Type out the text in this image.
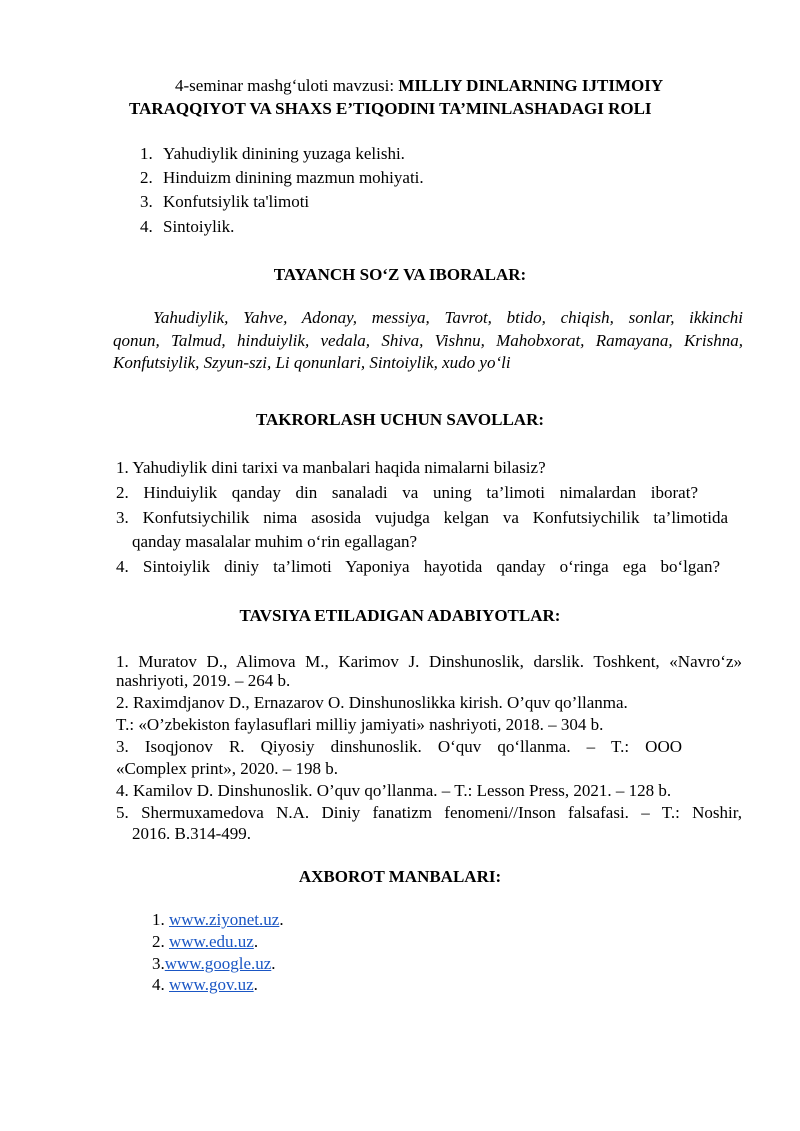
4-seminar mashg‘uloti mavzusi: MILLIY DINLARNING IJTIMOIY
TARAQQIYOT VA SHAXS E’TIQODINI TA’MINLASHADAGI ROLI
1. Yahudiylik dinining yuzaga kelishi.
2. Hinduizm dinining mazmun mohiyati.
3. Konfutsiylik ta'limoti
4. Sintoiylik.
TAYANCH SO‘Z VA IBORALAR:
Yahudiylik, Yahve, Adonay, messiya, Tavrot, btido, chiqish, sonlar, ikkinchi
qonun, Talmud, hinduiylik, vedala, Shiva, Vishnu, Mahobxorat, Ramayana, Krishna,
Konfutsiylik, Szyun-szi, Li qonunlari, Sintoiylik, xudo yo‘li
TAKRORLASH UCHUN SAVOLLAR:
1. Yahudiylik dini tarixi va manbalari haqida nimalarni bilasiz?
2. Hinduiylik qanday din sanaladi va uning ta’limoti nimalardan iborat?
3. Konfutsiychilik nima asosida vujudga kelgan va Konfutsiychilik ta’limotida
qanday masalalar muhim o‘rin egallagan?
4. Sintoiylik diniy ta’limoti Yaponiya hayotida qanday o‘ringa ega bo‘lgan?
TAVSIYA ETILADIGAN ADABIYOTLAR:
1. Muratov D., Alimova M., Karimov J. Dinshunoslik, darslik. Toshkent, «Navro‘z»
nashriyoti, 2019. – 264 b.
2. Raximdjanov D., Ernazarov O. Dinshunoslikka kirish. O’quv qo’llanma.
T.: «O’zbekiston faylasuflari milliy jamiyati» nashriyoti, 2018. – 304 b.
3. Isoqjonov R. Qiyosiy dinshunoslik. O‘quv qo‘llanma. – T.: OOO
«Complex print», 2020. – 198 b.
4. Kamilov D. Dinshunoslik. O’quv qo’llanma. – T.: Lesson Press, 2021. – 128 b.
5. Shermuxamedova N.A. Diniy fanatizm fenomeni//Inson falsafasi. – T.: Noshir,
2016. B.314-499.
AXBOROT MANBALARI:
1. www.ziyonet.uz.
2. www.edu.uz.
3.www.google.uz.
4. www.gov.uz.
